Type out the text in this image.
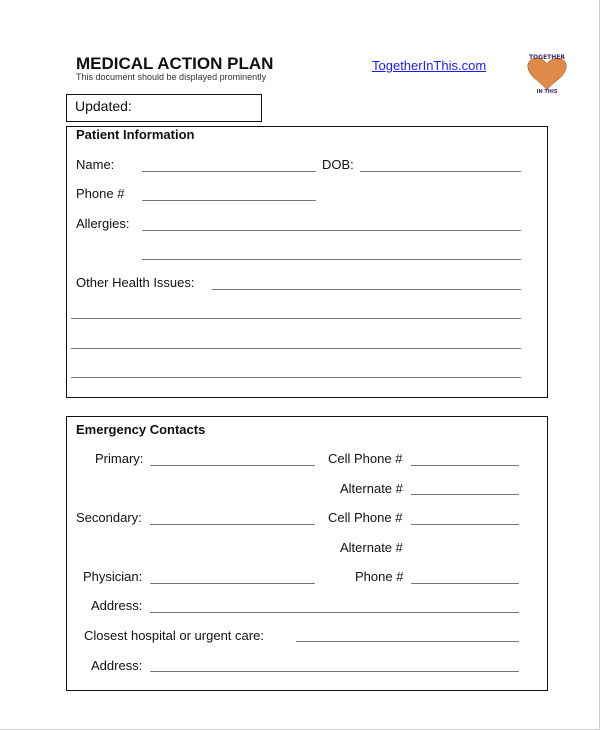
MEDICAL ACTION PLAN
This document should be displayed prominently
TogetherInThis.com
TOGETHER
IN THIS
Updated:
Patient Information
Name:	DOB:
Phone #
Allergies:
Other Health Issues:
Emergency Contacts
Primary:	Cell Phone #
Alternate #
Secondary:	Cell Phone #
Alternate #
Physician:	Phone #
Address:
Closest hospital or urgent care:
Address:
